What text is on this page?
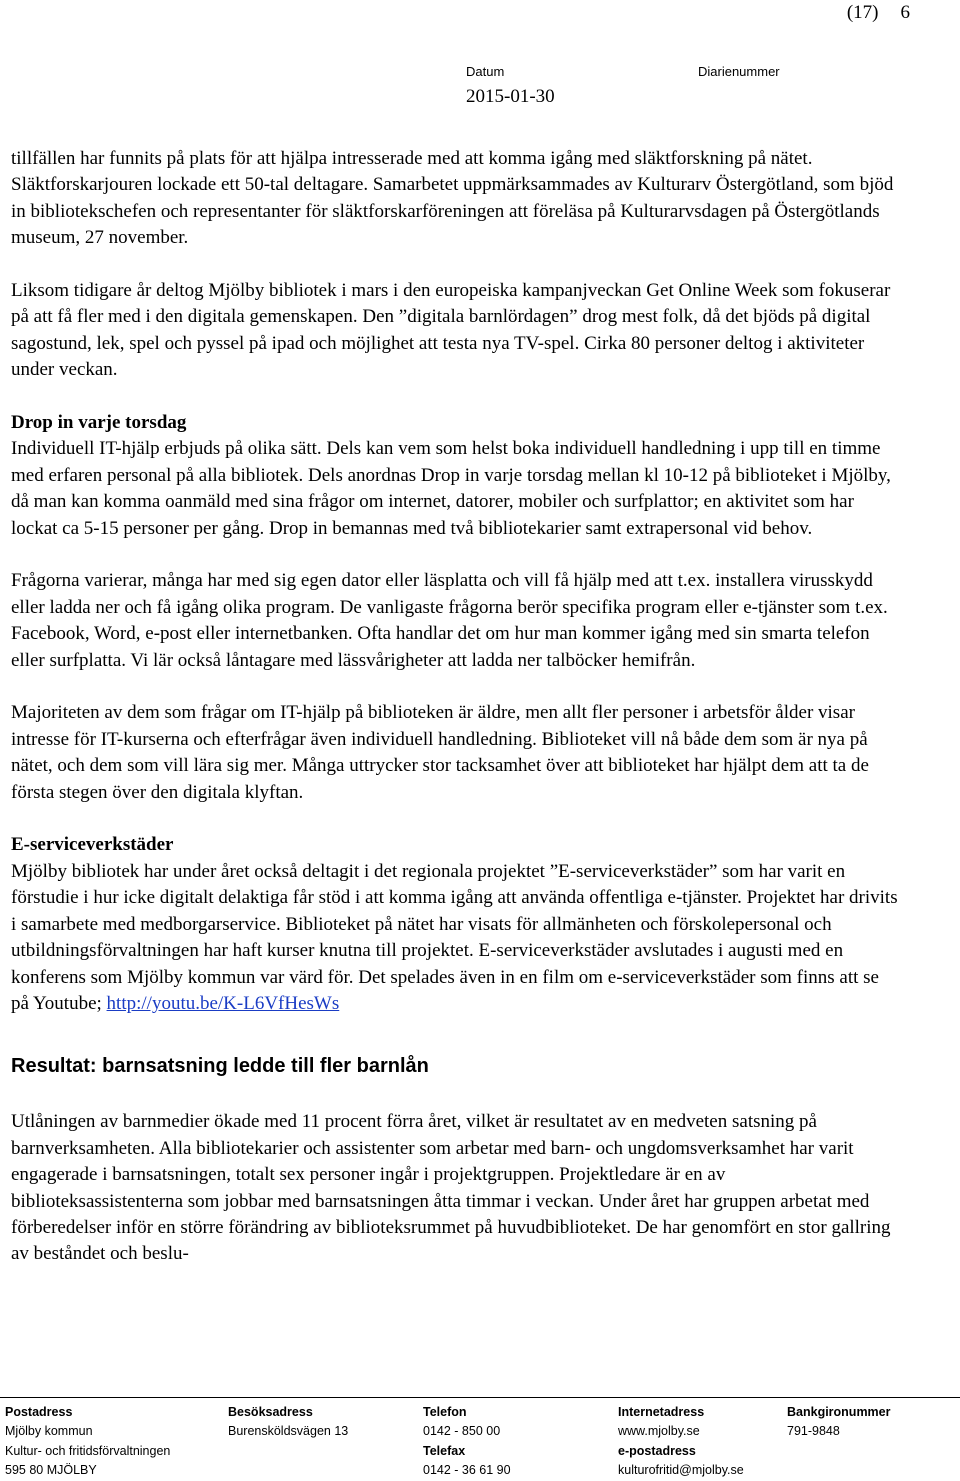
(17) 6
Datum	Diarienummer
2015-01-30

tillfällen har funnits på plats för att hjälpa intresserade med att komma igång med släktforskning på nätet. Släktforskarjouren lockade ett 50-tal deltagare. Samarbetet uppmärksammades av Kulturarv Östergötland, som bjöd in bibliotekschefen och representanter för släktforskarföreningen att föreläsa på Kulturarvsdagen på Östergötlands museum, 27 november.

Liksom tidigare år deltog Mjölby bibliotek i mars i den europeiska kampanjveckan Get Online Week som fokuserar på att få fler med i den digitala gemenskapen. Den ”digitala barnlördagen” drog mest folk, då det bjöds på digital sagostund, lek, spel och pyssel på ipad och möjlighet att testa nya TV-spel. Cirka 80 personer deltog i aktiviteter under veckan.

Drop in varje torsdag

Individuell IT-hjälp erbjuds på olika sätt. Dels kan vem som helst boka individuell handledning i upp till en timme med erfaren personal på alla bibliotek. Dels anordnas Drop in varje torsdag mellan kl 10-12 på biblioteket i Mjölby, då man kan komma oanmäld med sina frågor om internet, datorer, mobiler och surfplattor; en aktivitet som har lockat ca 5-15 personer per gång. Drop in bemannas med två bibliotekarier samt extrapersonal vid behov.

Frågorna varierar, många har med sig egen dator eller läsplatta och vill få hjälp med att t.ex. installera virusskydd eller ladda ner och få igång olika program. De vanligaste frågorna berör specifika program eller e-tjänster som t.ex. Facebook, Word, e-post eller internetbanken. Ofta handlar det om hur man kommer igång med sin smarta telefon eller surfplatta. Vi lär också låntagare med lässvårigheter att ladda ner talböcker hemifrån.

Majoriteten av dem som frågar om IT-hjälp på biblioteken är äldre, men allt fler personer i arbetsför ålder visar intresse för IT-kurserna och efterfrågar även individuell handledning. Biblioteket vill nå både dem som är nya på nätet, och dem som vill lära sig mer. Många uttrycker stor tacksamhet över att biblioteket har hjälpt dem att ta de första stegen över den digitala klyftan.

E-serviceverkstäder

Mjölby bibliotek har under året också deltagit i det regionala projektet ”E-serviceverkstäder” som har varit en förstudie i hur icke digitalt delaktiga får stöd i att komma igång att använda offentliga e-tjänster. Projektet har drivits i samarbete med medborgarservice. Biblioteket på nätet har visats för allmänheten och förskolepersonal och utbildningsförvaltningen har haft kurser knutna till projektet. E-serviceverkstäder avslutades i augusti med en konferens som Mjölby kommun var värd för. Det spelades även in en film om e-serviceverkstäder som finns att se på Youtube; http://youtu.be/K-L6VfHesWs

Resultat: barnsatsning ledde till fler barnlån

Utlåningen av barnmedier ökade med 11 procent förra året, vilket är resultatet av en medveten satsning på barnverksamheten. Alla bibliotekarier och assistenter som arbetar med barn- och ungdomsverksamhet har varit engagerade i barnsatsningen, totalt sex personer ingår i projektgruppen. Projektledare är en av biblioteksassistenterna som jobbar med barnsatsningen åtta timmar i veckan. Under året har gruppen arbetat med förberedelser inför en större förändring av biblioteksrummet på huvudbiblioteket. De har genomfört en stor gallring av beståndet och beslu-

Postadress
Mjölby kommun
Kultur- och fritidsförvaltningen
595 80 MJÖLBY
Besöksadress
Burensköldsvägen 13
Telefon
0142 - 850 00
Telefax
0142 - 36 61 90
Internetadress
www.mjolby.se
e-postadress
kulturofritid@mjolby.se
Bankgironummer
791-9848
